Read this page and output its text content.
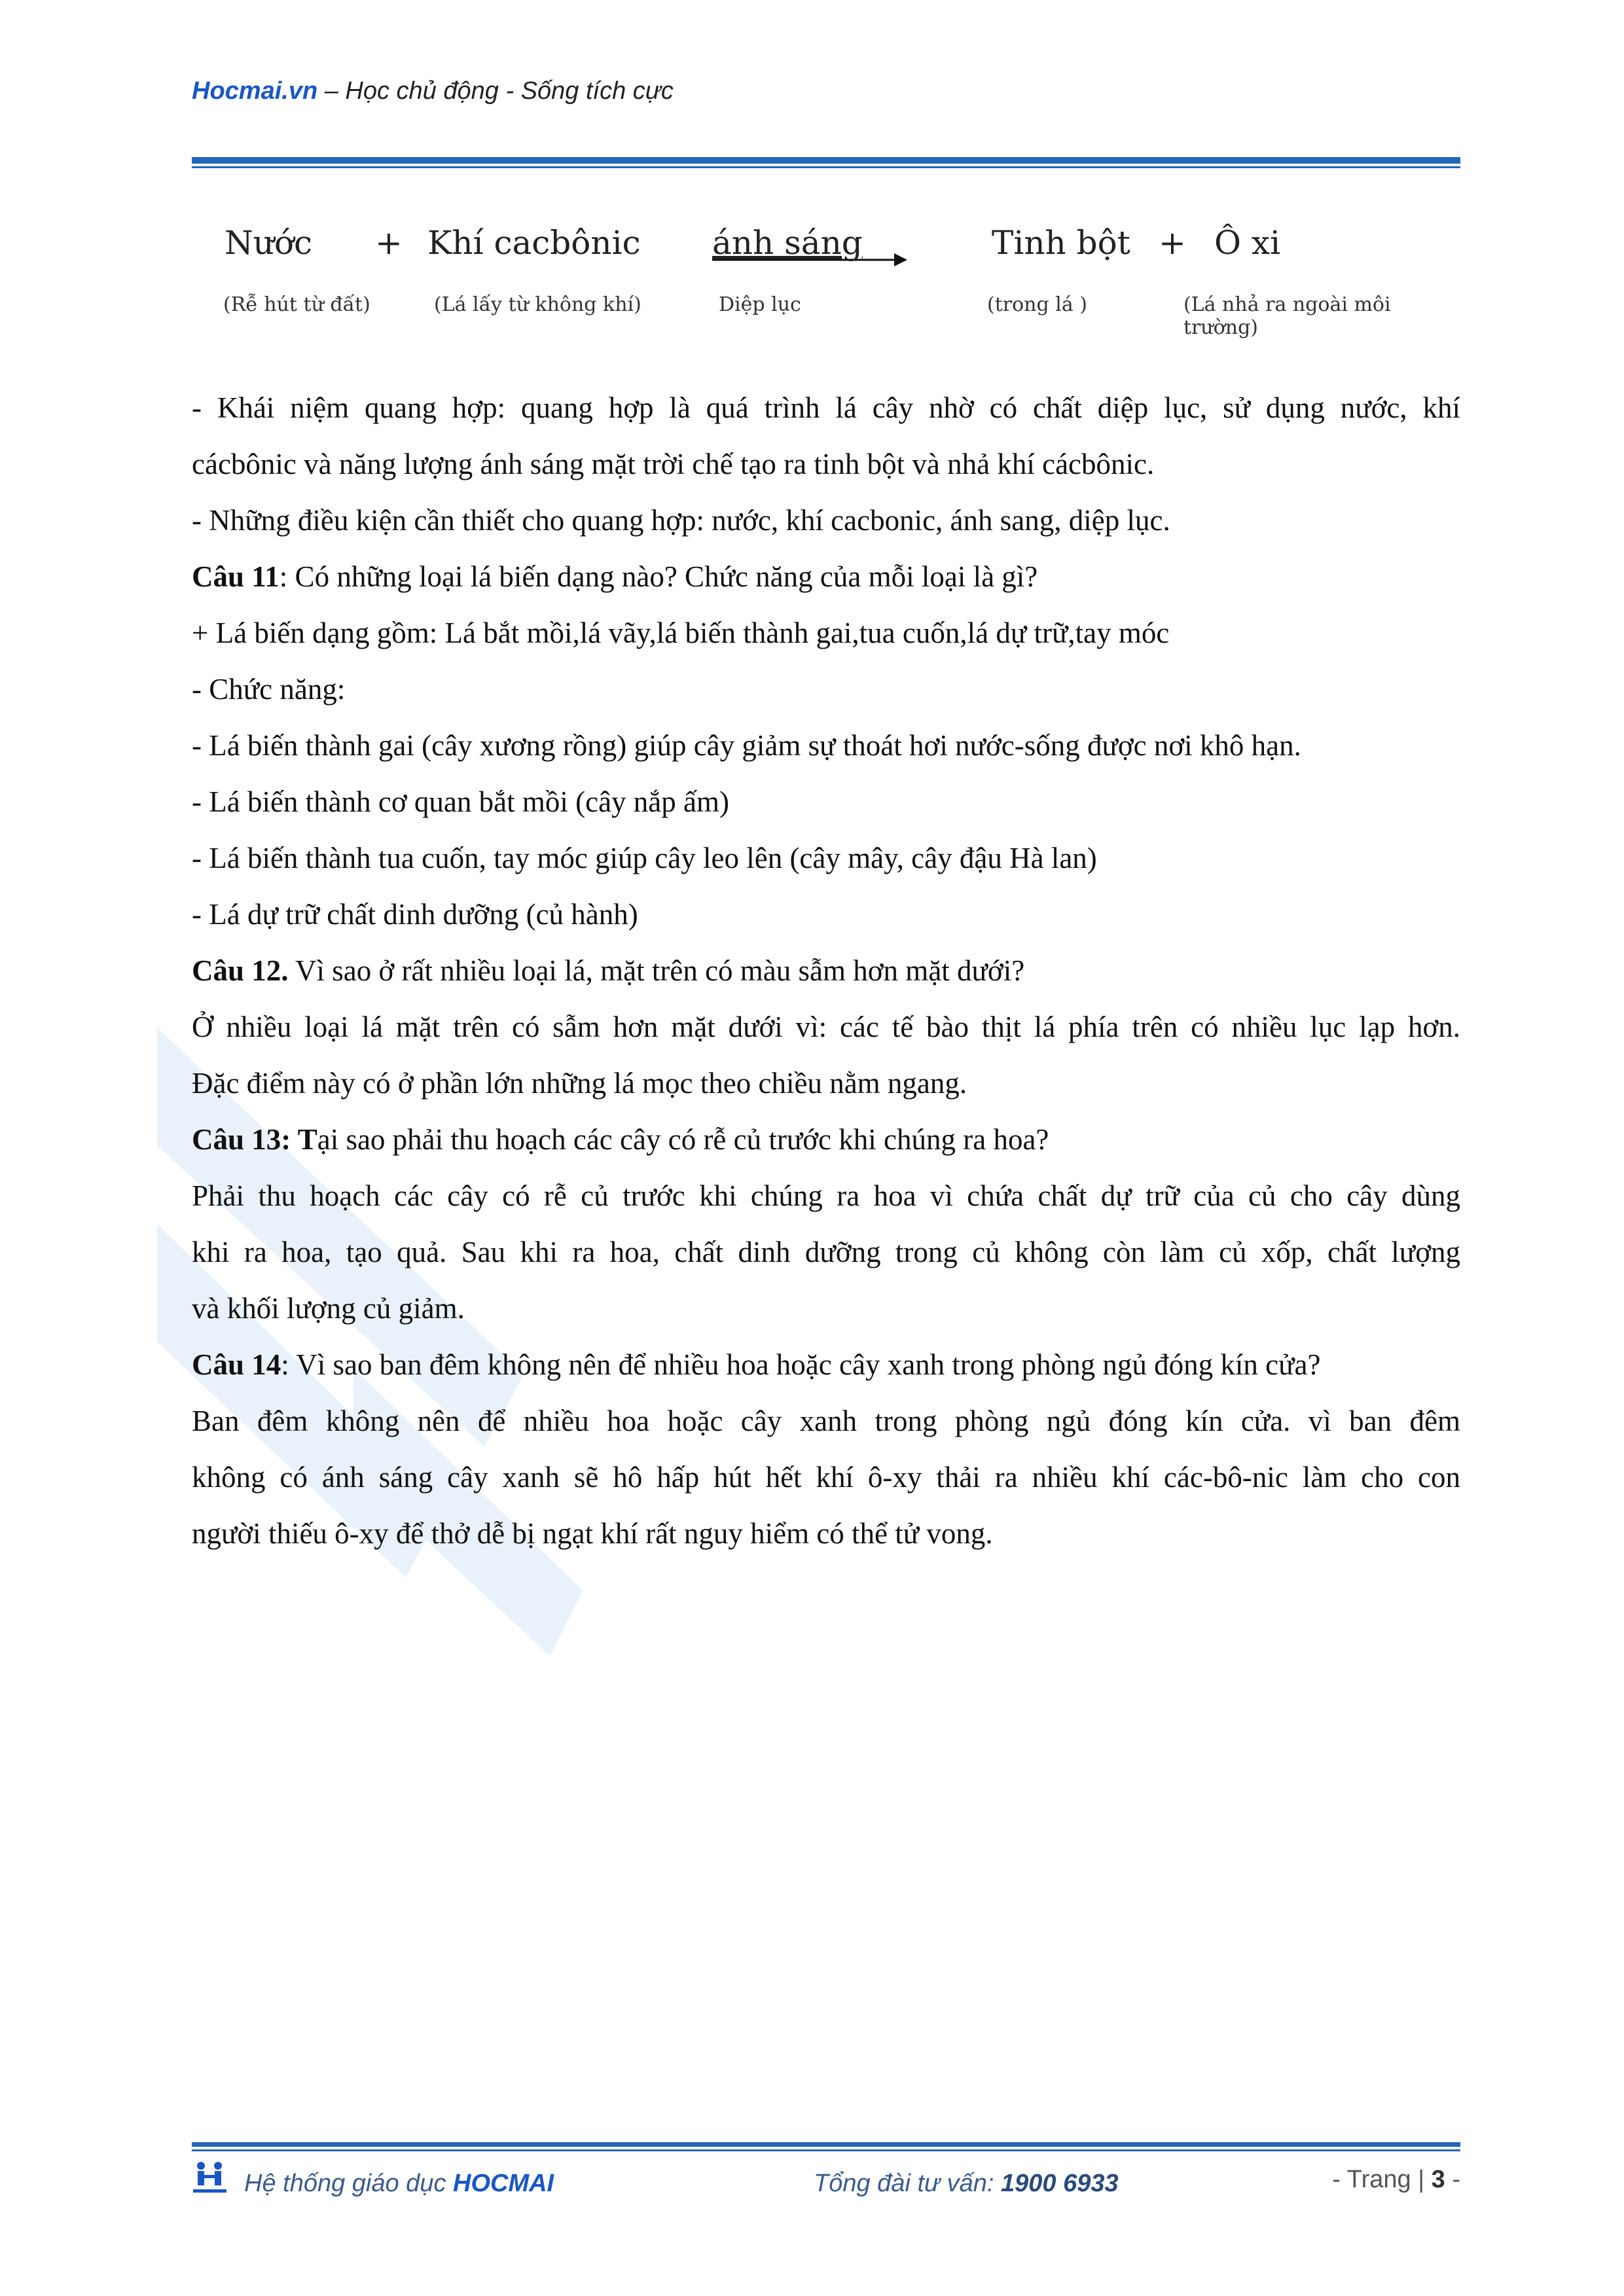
Hocmai.vn – Học chủ động - Sống tích cực
Nước + Khí cacbônic ánh sáng	Tinh bột + Ô xi
(Rễ hút từ đất)	(Lá lấy từ không khí)	Diệp lục	(trong lá )	(Lá nhả ra ngoài môi trường)

- Khái niệm quang hợp: quang hợp là quá trình lá cây nhờ có chất diệp lục, sử dụng nước, khí

cácbônic và năng lượng ánh sáng mặt trời chế tạo ra tinh bột và nhả khí cácbônic.

- Những điều kiện cần thiết cho quang hợp: nước, khí cacbonic, ánh sang, diệp lục.

Câu 11: Có những loại lá biến dạng nào? Chức năng của mỗi loại là gì?

+ Lá biến dạng gồm: Lá bắt mồi,lá vãy,lá biến thành gai,tua cuốn,lá dự trữ,tay móc

- Chức năng:

- Lá biến thành gai (cây xương rồng) giúp cây giảm sự thoát hơi nước-sống được nơi khô hạn.

- Lá biến thành cơ quan bắt mồi (cây nắp ấm)

- Lá biến thành tua cuốn, tay móc giúp cây leo lên (cây mây, cây đậu Hà lan)

- Lá dự trữ chất dinh dưỡng (củ hành)

Câu 12. Vì sao ở rất nhiều loại lá, mặt trên có màu sẫm hơn mặt dưới?

Ở nhiều loại lá mặt trên có sẫm hơn mặt dưới vì: các tế bào thịt lá phía trên có nhiều lục lạp hơn.

Đặc điểm này có ở phần lớn những lá mọc theo chiều nằm ngang.

Câu 13: Tại sao phải thu hoạch các cây có rễ củ trước khi chúng ra hoa?

Phải thu hoạch các cây có rễ củ trước khi chúng ra hoa vì chứa chất dự trữ của củ cho cây dùng

khi ra hoa, tạo quả. Sau khi ra hoa, chất dinh dưỡng trong củ không còn làm củ xốp, chất lượng

và khối lượng củ giảm.

Câu 14: Vì sao ban đêm không nên để nhiều hoa hoặc cây xanh trong phòng ngủ đóng kín cửa?

Ban đêm không nên để nhiều hoa hoặc cây xanh trong phòng ngủ đóng kín cửa. vì ban đêm

không có ánh sáng cây xanh sẽ hô hấp hút hết khí ô-xy thải ra nhiều khí các-bô-nic làm cho con

người thiếu ô-xy để thở dễ bị ngạt khí rất nguy hiểm có thể tử vong.

Hệ thống giáo dục HOCMAI	Tổng đài tư vấn: 1900 6933	- Trang | 3 -
